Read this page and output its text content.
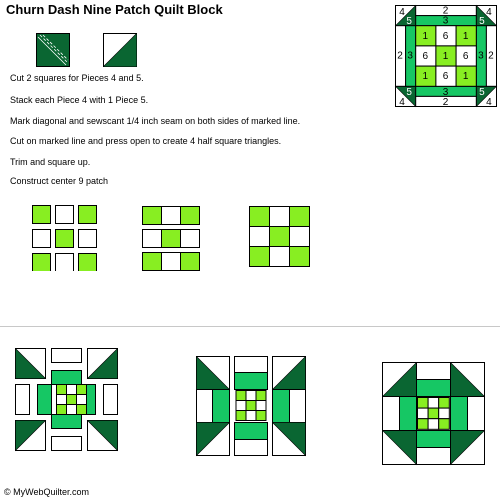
Churn Dash Nine Patch Quilt Block
Cut 2 squares for Pieces 4 and 5.
Stack each Piece 4 with 1 Piece 5.
Mark diagonal and sewscant 1/4 inch seam on both sides of marked line.
Cut on marked line and press open to create 4 half square triangles.
Trim and square up.
Construct center 9 patch
4
5
4
5
4
5
4
5
2
3
3
2
2 3	3 2
1 6 1
6 1 6
1 6 1
© MyWebQuilter.com
